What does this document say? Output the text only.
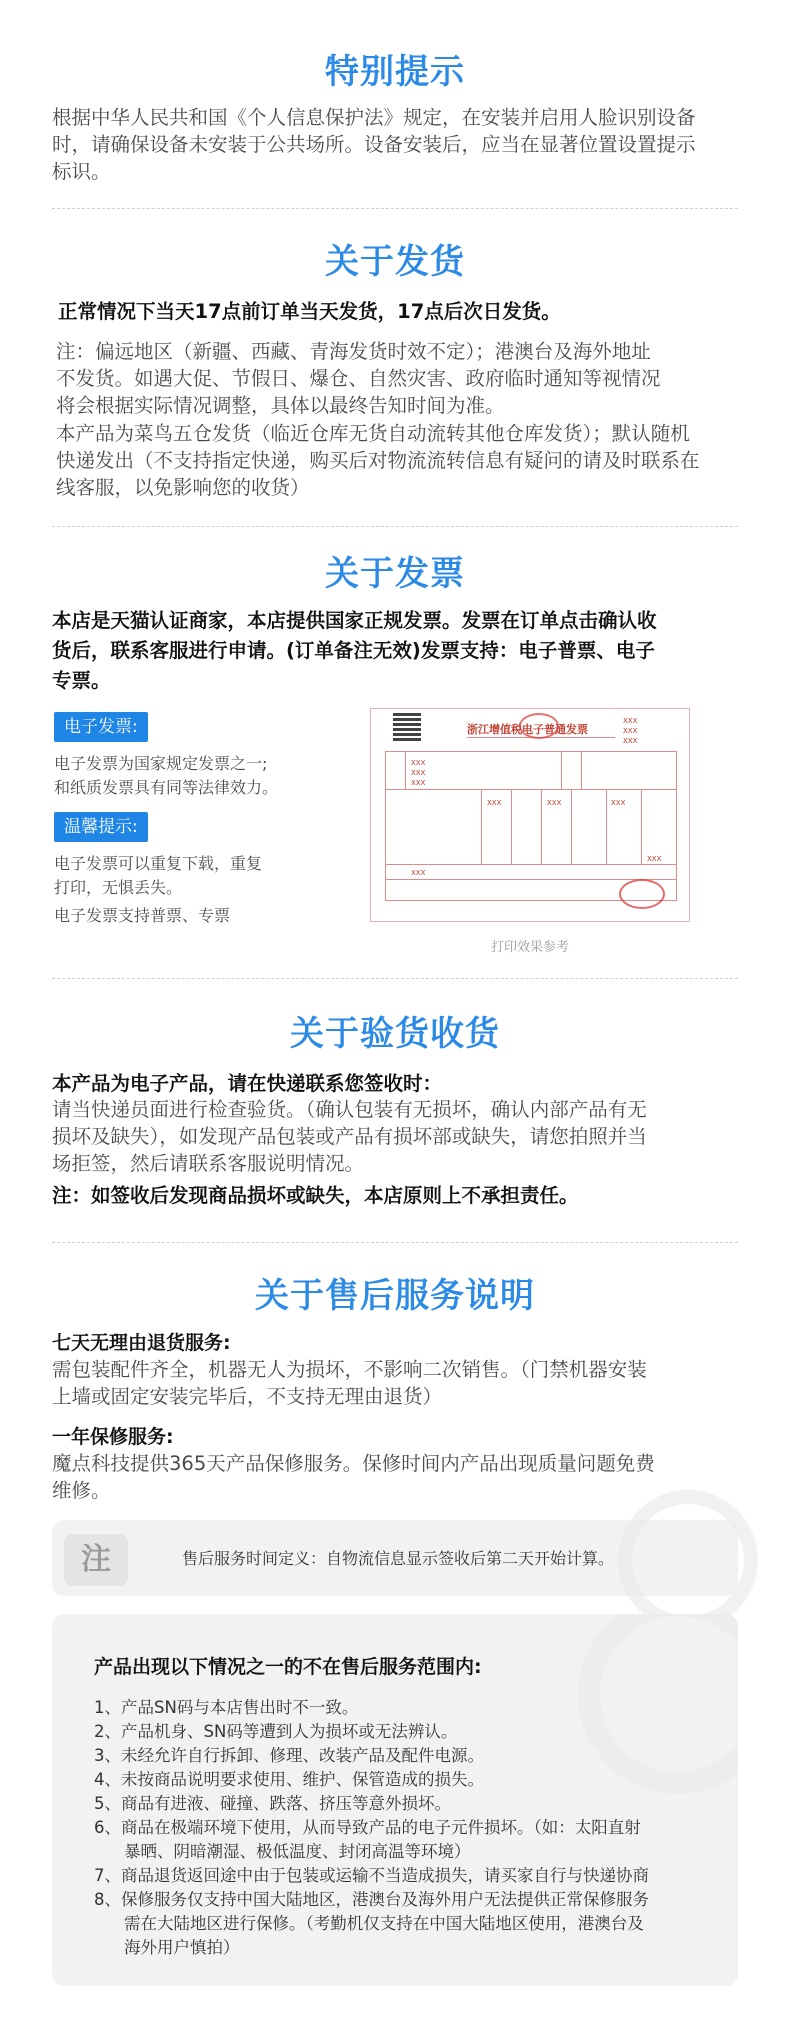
特别提示
根据中华人民共和国《个人信息保护法》规定，在安装并启用人脸识别设备
时，请确保设备未安装于公共场所。设备安装后，应当在显著位置设置提示
标识。
关于发货
正常情况下当天17点前订单当天发货，17点后次日发货。
注：偏远地区（新疆、西藏、青海发货时效不定）；港澳台及海外地址
不发货。如遇大促、节假日、爆仓、自然灾害、政府临时通知等视情况
将会根据实际情况调整，具体以最终告知时间为准。
本产品为菜鸟五仓发货（临近仓库无货自动流转其他仓库发货）；默认随机
快递发出（不支持指定快递，购买后对物流流转信息有疑问的请及时联系在
线客服，以免影响您的收货）
关于发票
本店是天猫认证商家，本店提供国家正规发票。发票在订单点击确认收
货后，联系客服进行申请。(订单备注无效)发票支持：电子普票、电子
专票。
电子发票:
电子发票为国家规定发票之一;
和纸质发票具有同等法律效力。
温馨提示:
电子发票可以重复下载，重复
打印，无惧丢失。
电子发票支持普票、专票
浙江增值税电子普通发票
XXX
XXX
XXX
XXX
XXX
XXX
XXX	XXX	XXX
XXX
XXX
打印效果参考
关于验货收货
本产品为电子产品，请在快递联系您签收时：
请当快递员面进行检查验货。（确认包装有无损坏，确认内部产品有无
损坏及缺失），如发现产品包装或产品有损坏部或缺失，请您拍照并当
场拒签，然后请联系客服说明情况。
注：如签收后发现商品损坏或缺失，本店原则上不承担责任。
关于售后服务说明
七天无理由退货服务:
需包装配件齐全，机器无人为损坏，不影响二次销售。（门禁机器安装
上墙或固定安装完毕后，不支持无理由退货）
一年保修服务:
魔点科技提供365天产品保修服务。保修时间内产品出现质量问题免费
维修。
注	售后服务时间定义：自物流信息显示签收后第二天开始计算。
产品出现以下情况之一的不在售后服务范围内:
1、产品SN码与本店售出时不一致。
2、产品机身、SN码等遭到人为损坏或无法辨认。
3、未经允许自行拆卸、修理、改装产品及配件电源。
4、未按商品说明要求使用、维护、保管造成的损失。
5、商品有进液、碰撞、跌落、挤压等意外损坏。
6、商品在极端环境下使用，从而导致产品的电子元件损坏。（如：太阳直射
暴晒、阴暗潮湿、极低温度、封闭高温等环境）
7、商品退货返回途中由于包装或运输不当造成损失，请买家自行与快递协商
8、保修服务仅支持中国大陆地区，港澳台及海外用户无法提供正常保修服务
需在大陆地区进行保修。（考勤机仅支持在中国大陆地区使用，港澳台及
海外用户慎拍）
